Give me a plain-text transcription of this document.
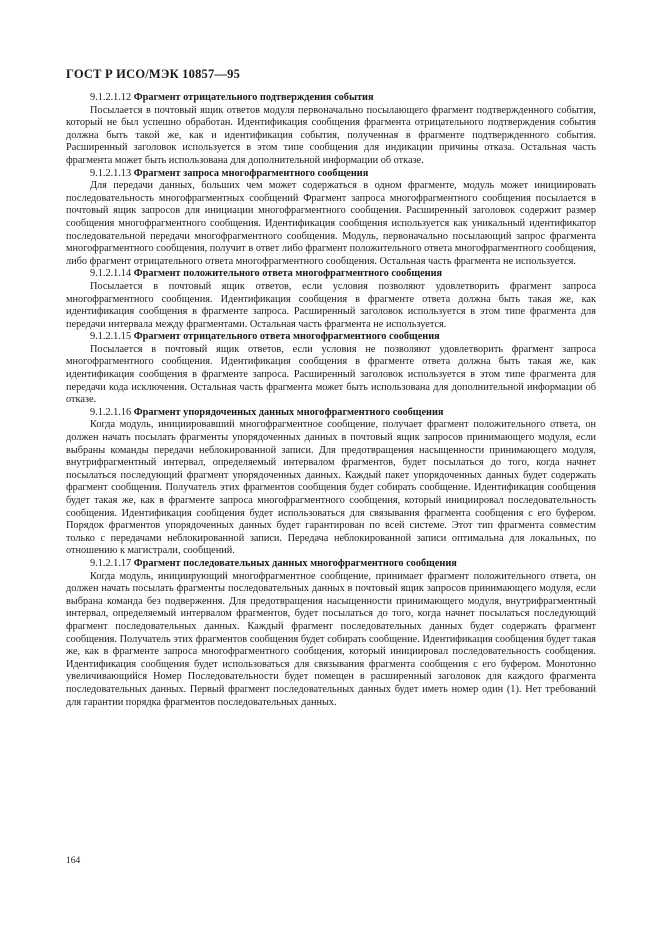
ГОСТ Р ИСО/МЭК 10857—95

9.1.2.1.12 Фрагмент отрицательного подтверждения события

Посылается в почтовый ящик ответов модуля первоначально посылающего фрагмент подтвержденного события, который не был успешно обработан. Идентификация сообщения фрагмента отрицательного подтверждения события должна быть такой же, как и идентификация события, полученная в фрагменте подтвержденного события. Расширенный заголовок используется в этом типе сообщения для индикации причины отказа. Остальная часть фрагмента может быть использована для дополнительной информации об отказе.

9.1.2.1.13 Фрагмент запроса многофрагментного сообщения

Для передачи данных, больших чем может содержаться в одном фрагменте, модуль может инициировать последовательность многофрагментных сообщений Фрагмент запроса многофрагментного сообщения посылается в почтовый ящик запросов для инициации многофрагментного сообщения. Расширенный заголовок содержит размер сообщения многофрагментного сообщения. Идентификация сообщения используется как уникальный идентификатор последовательной передачи многофрагментного сообщения. Модуль, первоначально посылающий запрос фрагмента многофрагментного сообщения, получит в ответ либо фрагмент положительного ответа многофрагментного сообщения, либо фрагмент отрицательного ответа многофрагментного сообщения. Остальная часть фрагмента не используется.

9.1.2.1.14 Фрагмент положительного ответа многофрагментного сообщения

Посылается в почтовый ящик ответов, если условия позволяют удовлетворить фрагмент запроса многофрагментного сообщения. Идентификация сообщения в фрагменте ответа должна быть такая же, как идентификация сообщения в фрагменте запроса. Расширенный заголовок используется в этом типе фрагмента для передачи интервала между фрагментами. Остальная часть фрагмента не используется.

9.1.2.1.15 Фрагмент отрицательного ответа многофрагментного сообщения

Посылается в почтовый ящик ответов, если условия не позволяют удовлетворить фрагмент запроса многофрагментного сообщения. Идентификация сообщения в фрагменте ответа должна быть такая же, как идентификация сообщения в фрагменте запроса. Расширенный заголовок используется в этом типе фрагмента для передачи кода исключения. Остальная часть фрагмента может быть использована для дополнительной информации об отказе.

9.1.2.1.16 Фрагмент упорядоченных данных многофрагментного сообщения

Когда модуль, инициировавший многофрагментное сообщение, получает фрагмент положительного ответа, он должен начать посылать фрагменты упорядоченных данных в почтовый ящик запросов принимающего модуля, если выбраны команды передачи неблокированной записи. Для предотвращения насыщенности принимающего модуля, внутрифрагментный интервал, определяемый интервалом фрагментов, будет посылаться до того, когда начнет посылаться последующий фрагмент упорядоченных данных. Каждый пакет упорядоченных данных будет содержать фрагмент сообщения. Получатель этих фрагментов сообщения будет собирать сообщение. Идентификация сообщения будет такая же, как в фрагменте запроса многофрагментного сообщения, который инициировал последовательность сообщения. Идентификация сообщения будет использоваться для связывания фрагмента сообщения с его буфером. Порядок фрагментов упорядоченных данных будет гарантирован по всей системе. Этот тип фрагмента совместим только с передачами неблокированной записи. Передача неблокированной записи оптимальна для локальных, по отношению к магистрали, сообщений.

9.1.2.1.17 Фрагмент последовательных данных многофрагментного сообщения

Когда модуль, инициирующий многофрагментное сообщение, принимает фрагмент положительного ответа, он должен начать посылать фрагменты последовательных данных в почтовый ящик запросов принимающего модуля, если выбрана команда без подверження. Для предотвращения насыщенности принимающего модуля, внутрифрагментный интервал, определяемый интервалом фрагментов, будет посылаться до того, когда начнет посылаться последующий фрагмент последовательных данных. Каждый фрагмент последовательных данных будет содержать фрагмент сообщения. Получатель этих фрагментов сообщения будет собирать сообщение. Идентификация сообщения будет такая же, как в фрагменте запроса многофрагментного сообщения, который инициировал последовательность сообщения. Идентификация сообщения будет использоваться для связывания фрагмента сообщения с его буфером. Монотонно увеличивающийся Номер Последовательности будет помещен в расширенный заголовок для каждого фрагмента последовательных данных. Первый фрагмент последовательных данных будет иметь номер один (1). Нет требований для гарантии порядка фрагментов последовательных данных.

164
